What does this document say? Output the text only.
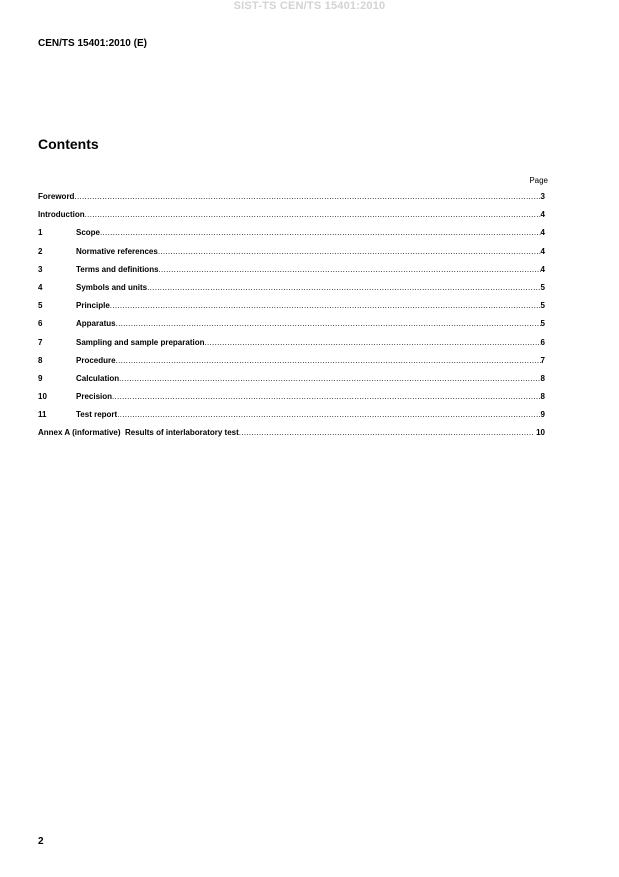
SIST-TS CEN/TS 15401:2010
CEN/TS 15401:2010 (E)
Contents
Page
Foreword .....	3
Introduction .....	4
1	Scope .....	4
2	Normative references .....	4
3	Terms and definitions .....	4
4	Symbols and units .....	5
5	Principle .....	5
6	Apparatus .....	5
7	Sampling and sample preparation .....	6
8	Procedure .....	7
9	Calculation .....	8
10	Precision .....	8
11	Test report .....	9
Annex A (informative)  Results of interlaboratory test .....	10
2
